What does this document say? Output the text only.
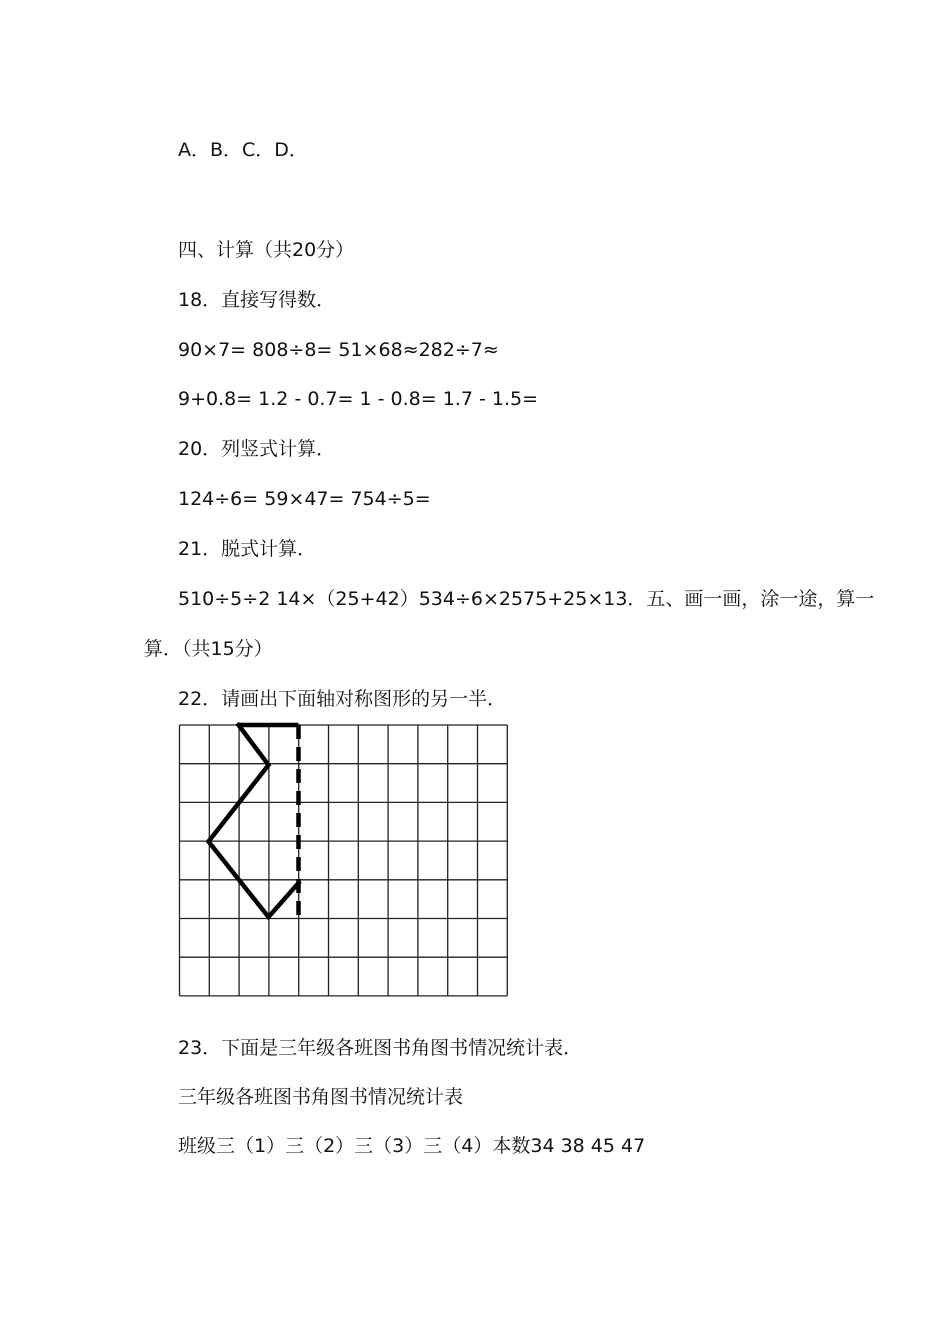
A．B．C．D．
四、计算（共20分）
18．直接写得数．
90×7= 808÷8= 51×68≈282÷7≈
9+0.8= 1.2 - 0.7= 1 - 0.8= 1.7 - 1.5=
20．列竖式计算．
124÷6= 59×47= 754÷5=
21．脱式计算．
510÷5÷2 14×（25+42）534÷6×2575+25×13．五、画一画，涂一途，算一
算．（共15分）
22．请画出下面轴对称图形的另一半．
23．下面是三年级各班图书角图书情况统计表．
三年级各班图书角图书情况统计表
班级三（1）三（2）三（3）三（4）本数34 38 45 47
